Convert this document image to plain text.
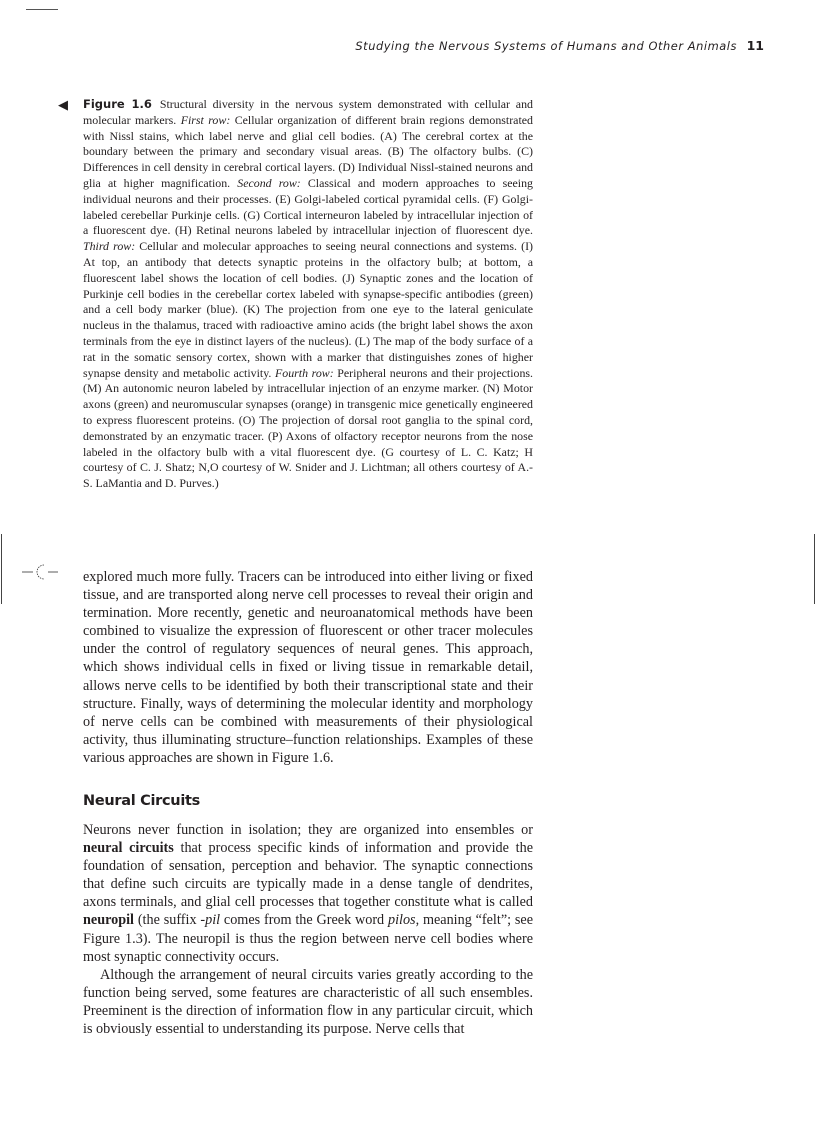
Studying the Nervous Systems of Humans and Other Animals 11
◀ Figure 1.6 Structural diversity in the nervous system demonstrated with cellular and molecular markers. First row: Cellular organization of different brain regions demonstrated with Nissl stains, which label nerve and glial cell bodies. (A) The cerebral cortex at the boundary between the primary and secondary visual areas. (B) The olfactory bulbs. (C) Differences in cell density in cerebral cortical layers. (D) Individual Nissl-stained neurons and glia at higher magnification. Second row: Classical and modern approaches to seeing individual neurons and their processes. (E) Golgi-labeled cortical pyramidal cells. (F) Golgi-labeled cerebellar Purkinje cells. (G) Cortical interneuron labeled by intracellular injection of a fluorescent dye. (H) Retinal neurons labeled by intracellular injection of fluorescent dye. Third row: Cellular and molecular approaches to seeing neural connections and systems. (I) At top, an antibody that detects synaptic proteins in the olfactory bulb; at bottom, a fluorescent label shows the location of cell bodies. (J) Synaptic zones and the location of Purkinje cell bodies in the cerebellar cortex labeled with synapse-specific antibodies (green) and a cell body marker (blue). (K) The projection from one eye to the lateral geniculate nucleus in the thalamus, traced with radioactive amino acids (the bright label shows the axon terminals from the eye in distinct layers of the nucleus). (L) The map of the body surface of a rat in the somatic sensory cortex, shown with a marker that distinguishes zones of higher synapse density and metabolic activity. Fourth row: Peripheral neurons and their projections. (M) An autonomic neuron labeled by intracellular injection of an enzyme marker. (N) Motor axons (green) and neuromuscular synapses (orange) in transgenic mice genetically engineered to express fluorescent proteins. (O) The projection of dorsal root ganglia to the spinal cord, demonstrated by an enzymatic tracer. (P) Axons of olfactory receptor neurons from the nose labeled in the olfactory bulb with a vital fluorescent dye. (G courtesy of L. C. Katz; H courtesy of C. J. Shatz; N,O courtesy of W. Snider and J. Lichtman; all others courtesy of A.-S. LaMantia and D. Purves.)

explored much more fully. Tracers can be introduced into either living or fixed tissue, and are transported along nerve cell processes to reveal their origin and termination. More recently, genetic and neuroanatomical methods have been combined to visualize the expression of fluorescent or other tracer molecules under the control of regulatory sequences of neural genes. This approach, which shows individual cells in fixed or living tissue in remarkable detail, allows nerve cells to be identified by both their transcriptional state and their structure. Finally, ways of determining the molecular identity and morphology of nerve cells can be combined with measurements of their physiological activity, thus illuminating structure–function relationships. Examples of these various approaches are shown in Figure 1.6.

Neural Circuits

Neurons never function in isolation; they are organized into ensembles or neural circuits that process specific kinds of information and provide the foundation of sensation, perception and behavior. The synaptic connections that define such circuits are typically made in a dense tangle of dendrites, axons terminals, and glial cell processes that together constitute what is called neuropil (the suffix -pil comes from the Greek word pilos, meaning “felt”; see Figure 1.3). The neuropil is thus the region between nerve cell bodies where most synaptic connectivity occurs.

Although the arrangement of neural circuits varies greatly according to the function being served, some features are characteristic of all such ensembles. Preeminent is the direction of information flow in any particular circuit, which is obviously essential to understanding its purpose. Nerve cells that
